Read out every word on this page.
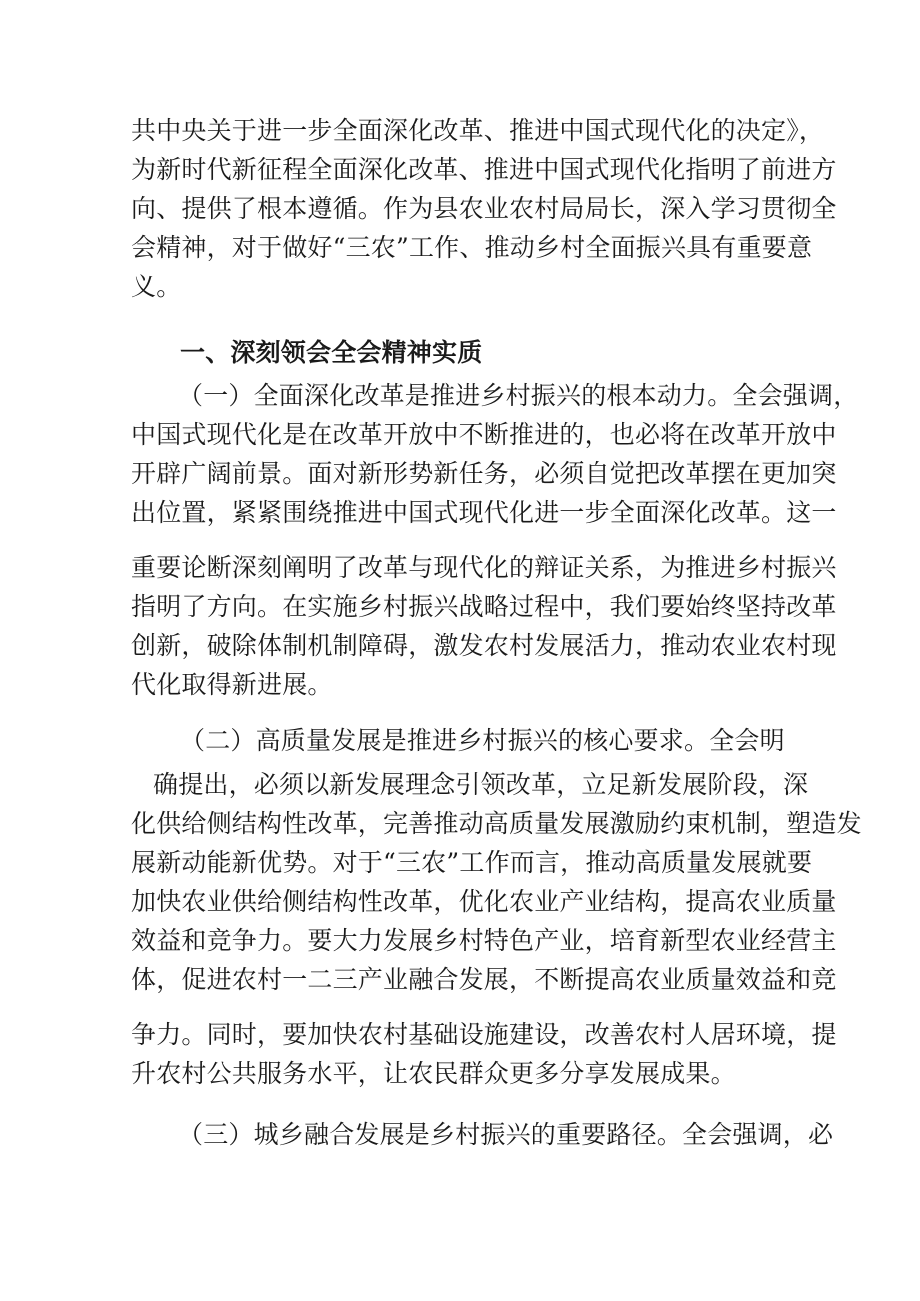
共中央关于进一步全面深化改革、推进中国式现代化的决定》，
为新时代新征程全面深化改革、推进中国式现代化指明了前进方
向、提供了根本遵循。作为县农业农村局局长，深入学习贯彻全
会精神，对于做好“三农”工作、推动乡村全面振兴具有重要意
义。
一、深刻领会全会精神实质
（一）全面深化改革是推进乡村振兴的根本动力。全会强调，
中国式现代化是在改革开放中不断推进的，也必将在改革开放中
开辟广阔前景。面对新形势新任务，必须自觉把改革摆在更加突
出位置，紧紧围绕推进中国式现代化进一步全面深化改革。这一
重要论断深刻阐明了改革与现代化的辩证关系，为推进乡村振兴
指明了方向。在实施乡村振兴战略过程中，我们要始终坚持改革
创新，破除体制机制障碍，激发农村发展活力，推动农业农村现
代化取得新进展。
（二）高质量发展是推进乡村振兴的核心要求。全会明
确提出，必须以新发展理念引领改革，立足新发展阶段，深
化供给侧结构性改革，完善推动高质量发展激励约束机制，塑造发
展新动能新优势。对于“三农”工作而言，推动高质量发展就要
加快农业供给侧结构性改革，优化农业产业结构，提高农业质量
效益和竞争力。要大力发展乡村特色产业，培育新型农业经营主
体，促进农村一二三产业融合发展，不断提高农业质量效益和竞
争力。同时，要加快农村基础设施建设，改善农村人居环境，提
升农村公共服务水平，让农民群众更多分享发展成果。
（三）城乡融合发展是乡村振兴的重要路径。全会强调，必
